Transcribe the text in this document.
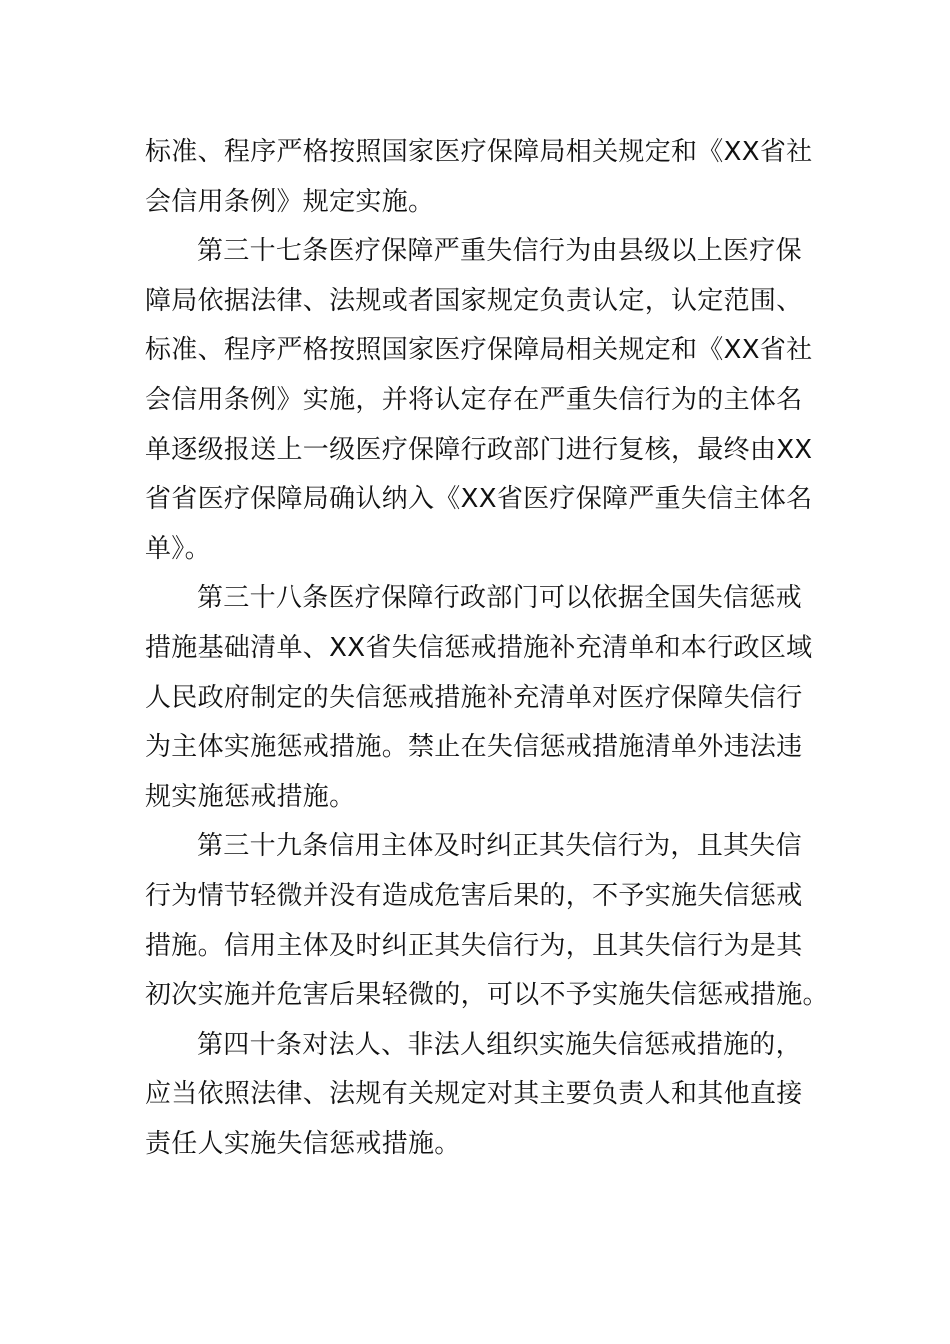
标准、程序严格按照国家医疗保障局相关规定和《XX省社
会信用条例》规定实施。
第三十七条医疗保障严重失信行为由县级以上医疗保
障局依据法律、法规或者国家规定负责认定，认定范围、
标准、程序严格按照国家医疗保障局相关规定和《XX省社
会信用条例》实施，并将认定存在严重失信行为的主体名
单逐级报送上一级医疗保障行政部门进行复核，最终由XX
省省医疗保障局确认纳入《XX省医疗保障严重失信主体名
单》。
第三十八条医疗保障行政部门可以依据全国失信惩戒
措施基础清单、XX省失信惩戒措施补充清单和本行政区域
人民政府制定的失信惩戒措施补充清单对医疗保障失信行
为主体实施惩戒措施。禁止在失信惩戒措施清单外违法违
规实施惩戒措施。
第三十九条信用主体及时纠正其失信行为，且其失信
行为情节轻微并没有造成危害后果的，不予实施失信惩戒
措施。信用主体及时纠正其失信行为，且其失信行为是其
初次实施并危害后果轻微的，可以不予实施失信惩戒措施。
第四十条对法人、非法人组织实施失信惩戒措施的，
应当依照法律、法规有关规定对其主要负责人和其他直接
责任人实施失信惩戒措施。
